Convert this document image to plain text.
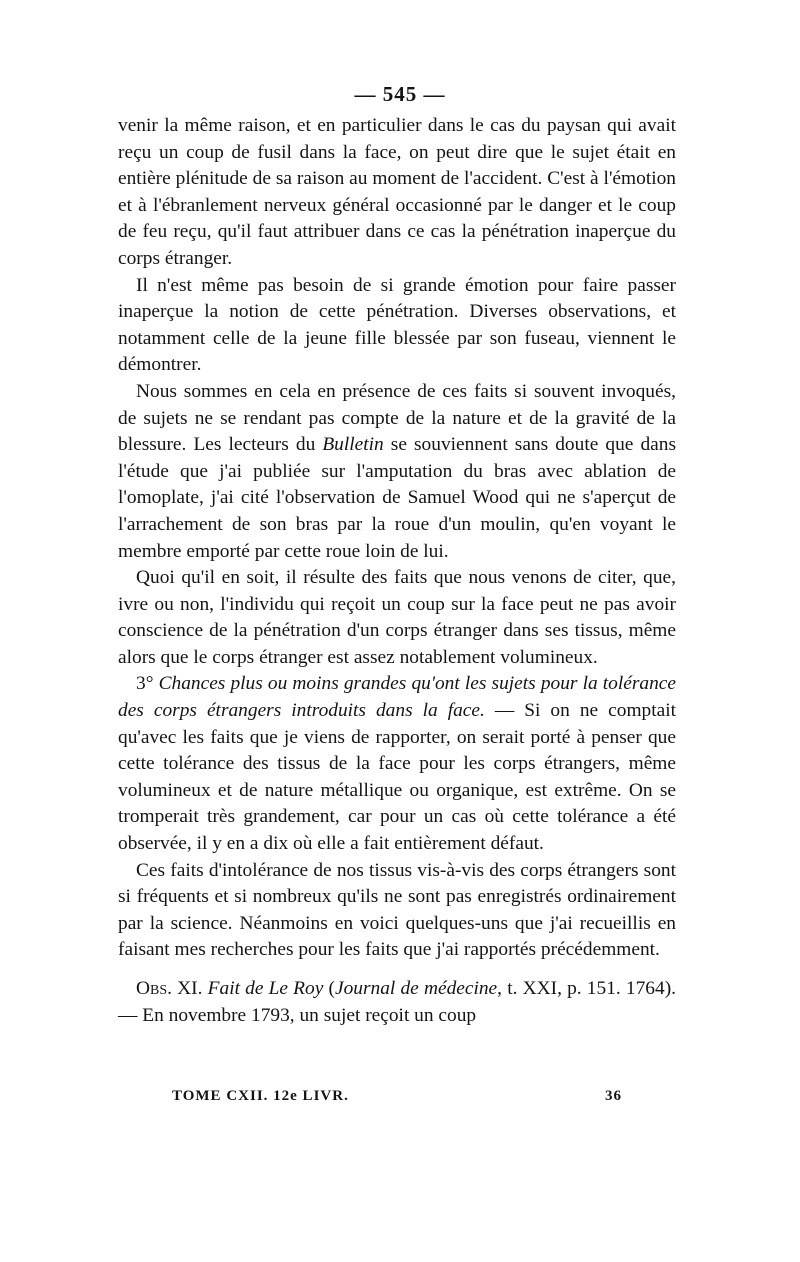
— 545 —

venir la même raison, et en particulier dans le cas du paysan qui avait reçu un coup de fusil dans la face, on peut dire que le sujet était en entière plénitude de sa raison au moment de l'accident. C'est à l'émotion et à l'ébranlement nerveux général occasionné par le danger et le coup de feu reçu, qu'il faut attribuer dans ce cas la pénétration inaperçue du corps étranger.

Il n'est même pas besoin de si grande émotion pour faire passer inaperçue la notion de cette pénétration. Diverses observations, et notamment celle de la jeune fille blessée par son fuseau, viennent le démontrer.

Nous sommes en cela en présence de ces faits si souvent invoqués, de sujets ne se rendant pas compte de la nature et de la gravité de la blessure. Les lecteurs du Bulletin se souviennent sans doute que dans l'étude que j'ai publiée sur l'amputation du bras avec ablation de l'omoplate, j'ai cité l'observation de Samuel Wood qui ne s'aperçut de l'arrachement de son bras par la roue d'un moulin, qu'en voyant le membre emporté par cette roue loin de lui.

Quoi qu'il en soit, il résulte des faits que nous venons de citer, que, ivre ou non, l'individu qui reçoit un coup sur la face peut ne pas avoir conscience de la pénétration d'un corps étranger dans ses tissus, même alors que le corps étranger est assez notablement volumineux.

3° Chances plus ou moins grandes qu'ont les sujets pour la tolérance des corps étrangers introduits dans la face. — Si on ne comptait qu'avec les faits que je viens de rapporter, on serait porté à penser que cette tolérance des tissus de la face pour les corps étrangers, même volumineux et de nature métallique ou organique, est extrême. On se tromperait très grandement, car pour un cas où cette tolérance a été observée, il y en a dix où elle a fait entièrement défaut.

Ces faits d'intolérance de nos tissus vis-à-vis des corps étrangers sont si fréquents et si nombreux qu'ils ne sont pas enregistrés ordinairement par la science. Néanmoins en voici quelques-uns que j'ai recueillis en faisant mes recherches pour les faits que j'ai rapportés précédemment.

Obs. XI. Fait de Le Roy (Journal de médecine, t. XXI, p. 151. 1764). — En novembre 1793, un sujet reçoit un coup

TOME CXII. 12e LIVR.	36
